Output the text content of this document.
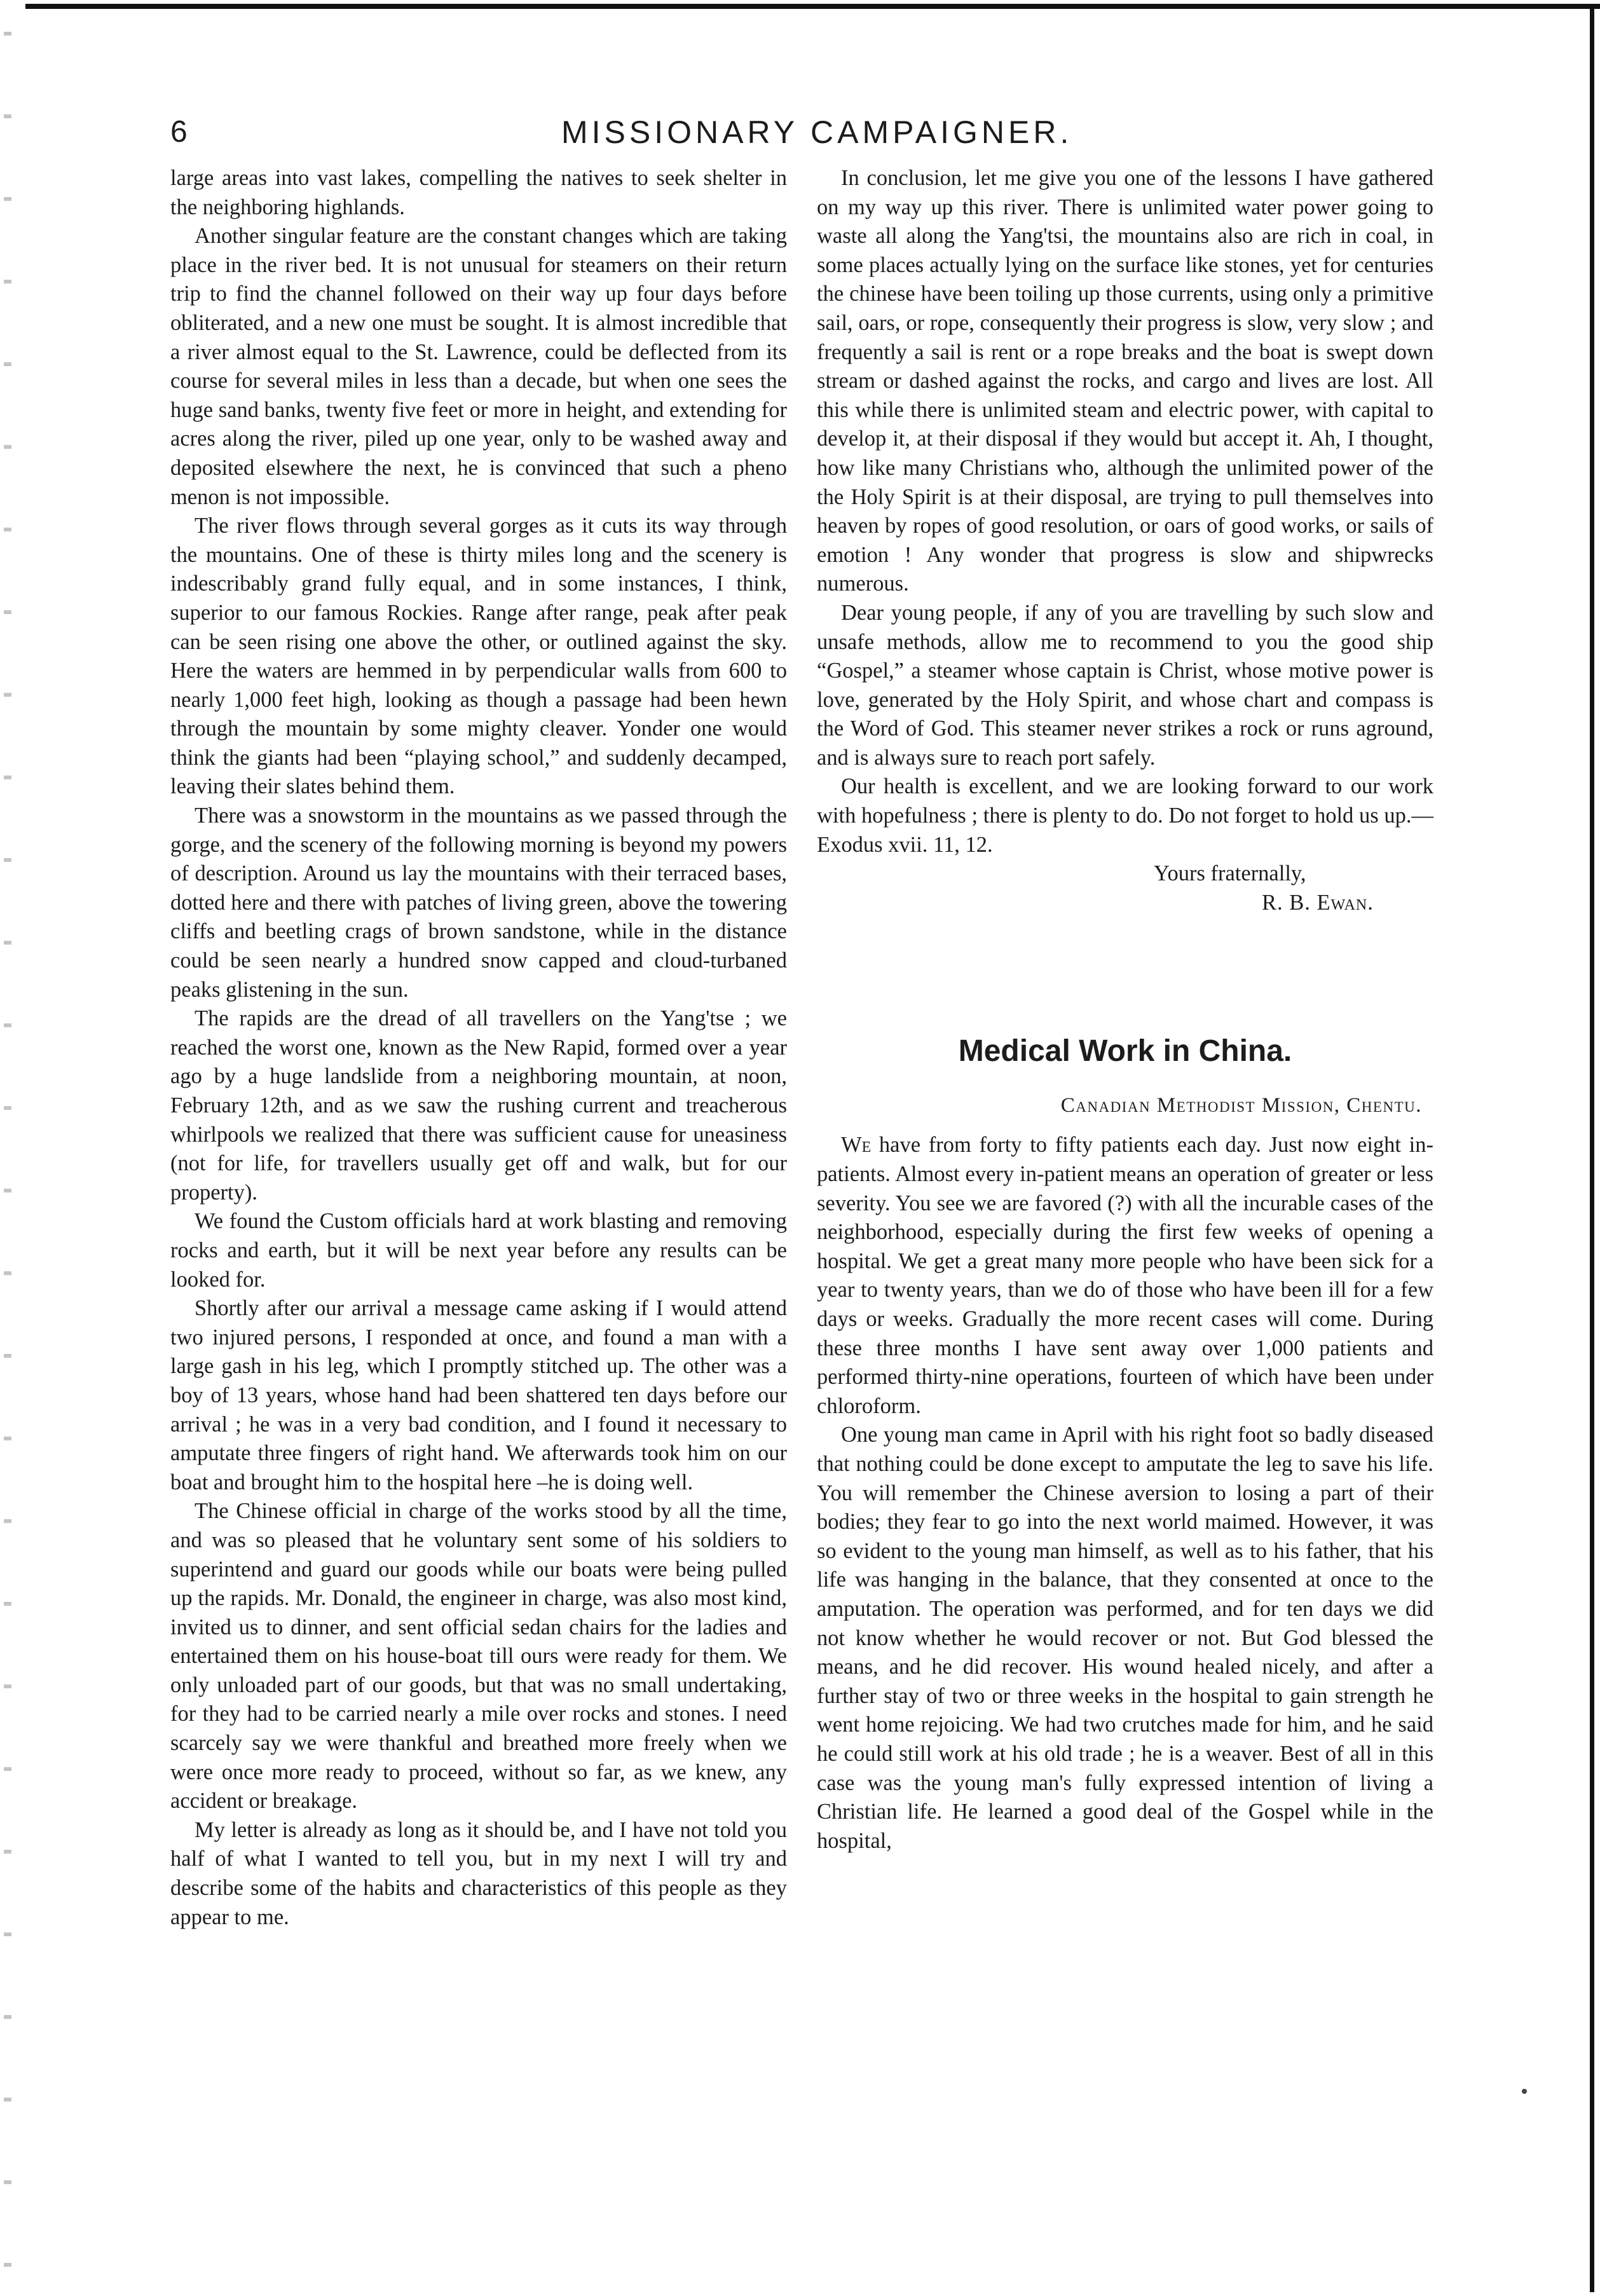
6	MISSIONARY CAMPAIGNER.

large areas into vast lakes, compelling the natives to seek shelter in the neighboring highlands.

Another singular feature are the constant changes which are taking place in the river bed. It is not unusual for steamers on their return trip to find the channel followed on their way up four days before obliterated, and a new one must be sought. It is almost incredible that a river almost equal to the St. Lawrence, could be deflected from its course for several miles in less than a decade, but when one sees the huge sand banks, twenty five feet or more in height, and extending for acres along the river, piled up one year, only to be washed away and deposited elsewhere the next, he is convinced that such a pheno menon is not impossible.

The river flows through several gorges as it cuts its way through the mountains. One of these is thirty miles long and the scenery is indescribably grand fully equal, and in some instances, I think, superior to our famous Rockies. Range after range, peak after peak can be seen rising one above the other, or outlined against the sky. Here the waters are hemmed in by perpendicular walls from 600 to nearly 1,000 feet high, looking as though a passage had been hewn through the mountain by some mighty cleaver. Yonder one would think the giants had been “playing school,” and suddenly decamped, leaving their slates behind them.

There was a snowstorm in the mountains as we passed through the gorge, and the scenery of the following morning is beyond my powers of description. Around us lay the mountains with their terraced bases, dotted here and there with patches of living green, above the towering cliffs and beetling crags of brown sandstone, while in the distance could be seen nearly a hundred snow capped and cloud-turbaned peaks glistening in the sun.

The rapids are the dread of all travellers on the Yang'tse ; we reached the worst one, known as the New Rapid, formed over a year ago by a huge landslide from a neighboring mountain, at noon, February 12th, and as we saw the rushing current and treacherous whirlpools we realized that there was sufficient cause for uneasiness (not for life, for travellers usually get off and walk, but for our property).

We found the Custom officials hard at work blasting and removing rocks and earth, but it will be next year before any results can be looked for.

Shortly after our arrival a message came asking if I would attend two injured persons, I responded at once, and found a man with a large gash in his leg, which I promptly stitched up. The other was a boy of 13 years, whose hand had been shattered ten days before our arrival ; he was in a very bad condition, and I found it necessary to amputate three fingers of right hand. We afterwards took him on our boat and brought him to the hospital here –he is doing well.

The Chinese official in charge of the works stood by all the time, and was so pleased that he voluntary sent some of his soldiers to superintend and guard our goods while our boats were being pulled up the rapids. Mr. Donald, the engineer in charge, was also most kind, invited us to dinner, and sent official sedan chairs for the ladies and entertained them on his house-boat till ours were ready for them. We only unloaded part of our goods, but that was no small undertaking, for they had to be carried nearly a mile over rocks and stones. I need scarcely say we were thankful and breathed more freely when we were once more ready to proceed, without so far, as we knew, any accident or breakage.

My letter is already as long as it should be, and I have not told you half of what I wanted to tell you, but in my next I will try and describe some of the habits and characteristics of this people as they appear to me.

In conclusion, let me give you one of the lessons I have gathered on my way up this river. There is unlimited water power going to waste all along the Yang'tsi, the mountains also are rich in coal, in some places actually lying on the surface like stones, yet for centuries the chinese have been toiling up those currents, using only a primitive sail, oars, or rope, consequently their progress is slow, very slow ; and frequently a sail is rent or a rope breaks and the boat is swept down stream or dashed against the rocks, and cargo and lives are lost. All this while there is unlimited steam and electric power, with capital to develop it, at their disposal if they would but accept it. Ah, I thought, how like many Christians who, although the unlimited power of the the Holy Spirit is at their disposal, are trying to pull themselves into heaven by ropes of good resolution, or oars of good works, or sails of emotion ! Any wonder that progress is slow and shipwrecks numerous.

Dear young people, if any of you are travelling by such slow and unsafe methods, allow me to recommend to you the good ship “Gospel,” a steamer whose captain is Christ, whose motive power is love, generated by the Holy Spirit, and whose chart and compass is the Word of God. This steamer never strikes a rock or runs aground, and is always sure to reach port safely.

Our health is excellent, and we are looking forward to our work with hopefulness ; there is plenty to do. Do not forget to hold us up.—Exodus xvii. 11, 12.

Yours fraternally,
R. B. Ewan.
Medical Work in China.
Canadian Methodist Mission, Chentu.

We have from forty to fifty patients each day. Just now eight in-patients. Almost every in-patient means an operation of greater or less severity. You see we are favored (?) with all the incurable cases of the neighborhood, especially during the first few weeks of opening a hospital. We get a great many more people who have been sick for a year to twenty years, than we do of those who have been ill for a few days or weeks. Gradually the more recent cases will come. During these three months I have sent away over 1,000 patients and performed thirty-nine operations, fourteen of which have been under chloroform.

One young man came in April with his right foot so badly diseased that nothing could be done except to amputate the leg to save his life. You will remember the Chinese aversion to losing a part of their bodies; they fear to go into the next world maimed. However, it was so evident to the young man himself, as well as to his father, that his life was hanging in the balance, that they consented at once to the amputation. The operation was performed, and for ten days we did not know whether he would recover or not. But God blessed the means, and he did recover. His wound healed nicely, and after a further stay of two or three weeks in the hospital to gain strength he went home rejoicing. We had two crutches made for him, and he said he could still work at his old trade ; he is a weaver. Best of all in this case was the young man's fully expressed intention of living a Christian life. He learned a good deal of the Gospel while in the hospital,
